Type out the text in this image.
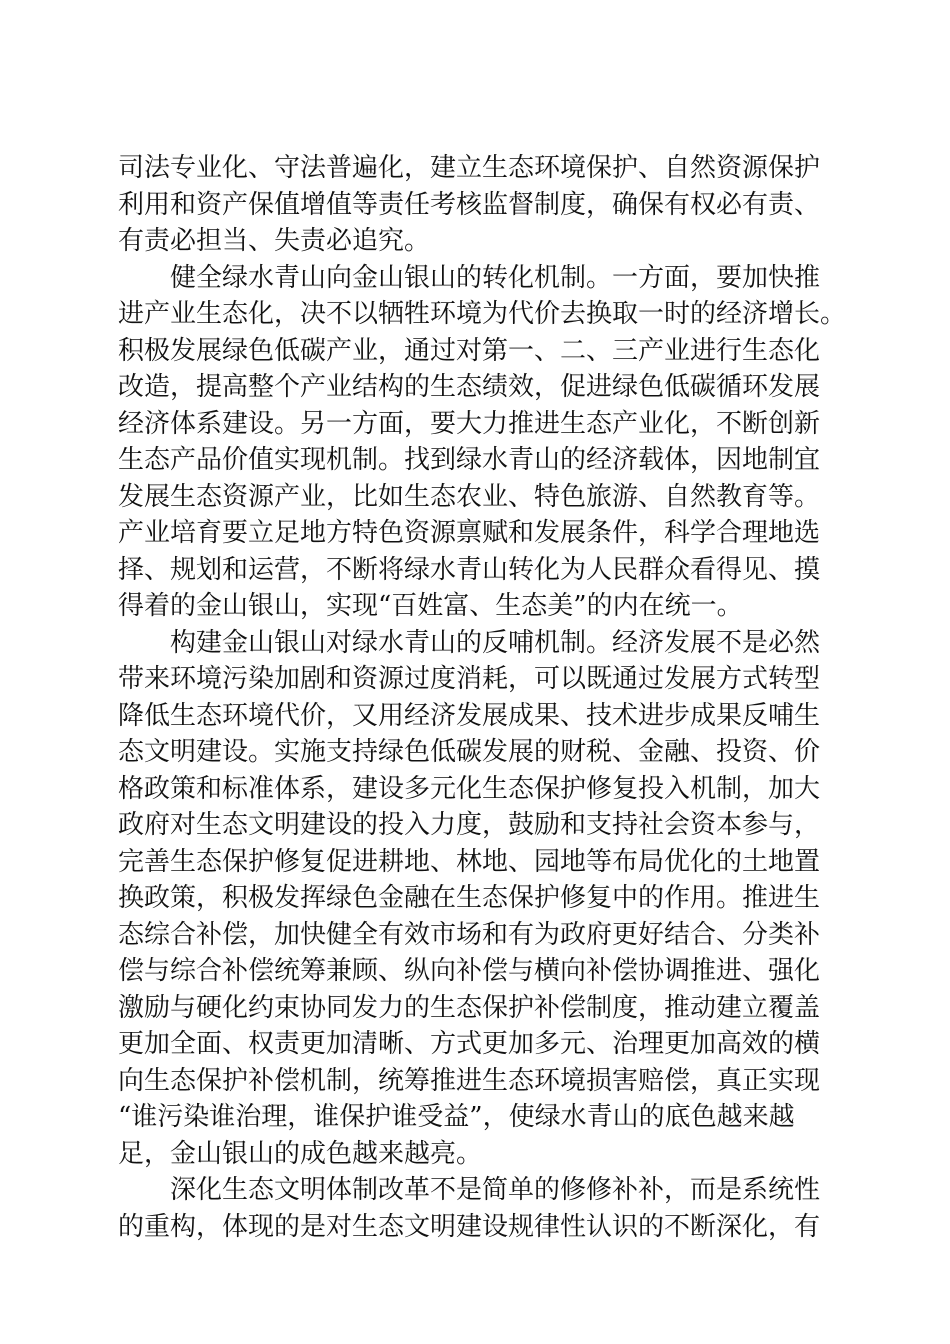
司法专业化、守法普遍化，建立生态环境保护、自然资源保护
利用和资产保值增值等责任考核监督制度，确保有权必有责、
有责必担当、失责必追究。
　　健全绿水青山向金山银山的转化机制。一方面，要加快推
进产业生态化，决不以牺牲环境为代价去换取一时的经济增长。
积极发展绿色低碳产业，通过对第一、二、三产业进行生态化
改造，提高整个产业结构的生态绩效，促进绿色低碳循环发展
经济体系建设。另一方面，要大力推进生态产业化，不断创新
生态产品价值实现机制。找到绿水青山的经济载体，因地制宜
发展生态资源产业，比如生态农业、特色旅游、自然教育等。
产业培育要立足地方特色资源禀赋和发展条件，科学合理地选
择、规划和运营，不断将绿水青山转化为人民群众看得见、摸
得着的金山银山，实现“百姓富、生态美”的内在统一。
　　构建金山银山对绿水青山的反哺机制。经济发展不是必然
带来环境污染加剧和资源过度消耗，可以既通过发展方式转型
降低生态环境代价，又用经济发展成果、技术进步成果反哺生
态文明建设。实施支持绿色低碳发展的财税、金融、投资、价
格政策和标准体系，建设多元化生态保护修复投入机制，加大
政府对生态文明建设的投入力度，鼓励和支持社会资本参与，
完善生态保护修复促进耕地、林地、园地等布局优化的土地置
换政策，积极发挥绿色金融在生态保护修复中的作用。推进生
态综合补偿，加快健全有效市场和有为政府更好结合、分类补
偿与综合补偿统筹兼顾、纵向补偿与横向补偿协调推进、强化
激励与硬化约束协同发力的生态保护补偿制度，推动建立覆盖
更加全面、权责更加清晰、方式更加多元、治理更加高效的横
向生态保护补偿机制，统筹推进生态环境损害赔偿，真正实现
“谁污染谁治理，谁保护谁受益”，使绿水青山的底色越来越
足，金山银山的成色越来越亮。
　　深化生态文明体制改革不是简单的修修补补，而是系统性
的重构，体现的是对生态文明建设规律性认识的不断深化，有
